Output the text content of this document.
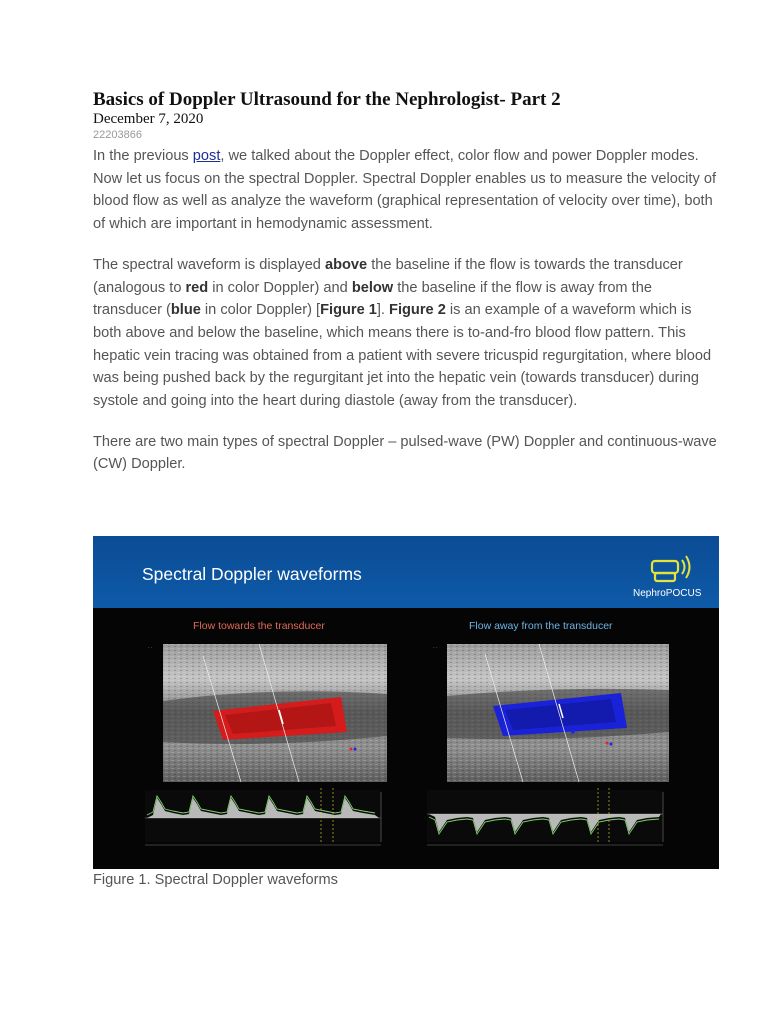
Basics of Doppler Ultrasound for the Nephrologist- Part 2
December 7, 2020
22203866

In the previous post, we talked about the Doppler effect, color flow and power Doppler modes. Now let us focus on the spectral Doppler. Spectral Doppler enables us to measure the velocity of blood flow as well as analyze the waveform (graphical representation of velocity over time), both of which are important in hemodynamic assessment.

The spectral waveform is displayed above the baseline if the flow is towards the transducer (analogous to red in color Doppler) and below the baseline if the flow is away from the transducer (blue in color Doppler) [Figure 1]. Figure 2 is an example of a waveform which is both above and below the baseline, which means there is to-and-fro blood flow pattern. This hepatic vein tracing was obtained from a patient with severe tricuspid regurgitation, where blood was being pushed back by the regurgitant jet into the hepatic vein (towards transducer) during systole and going into the heart during diastole (away from the transducer).

There are two main types of spectral Doppler – pulsed-wave (PW) Doppler and continuous-wave (CW) Doppler.

Spectral Doppler waveforms
NephroPOCUS
Flow towards the transducer	Flow away from the transducer
· ·	· ·
Figure 1. Spectral Doppler waveforms
